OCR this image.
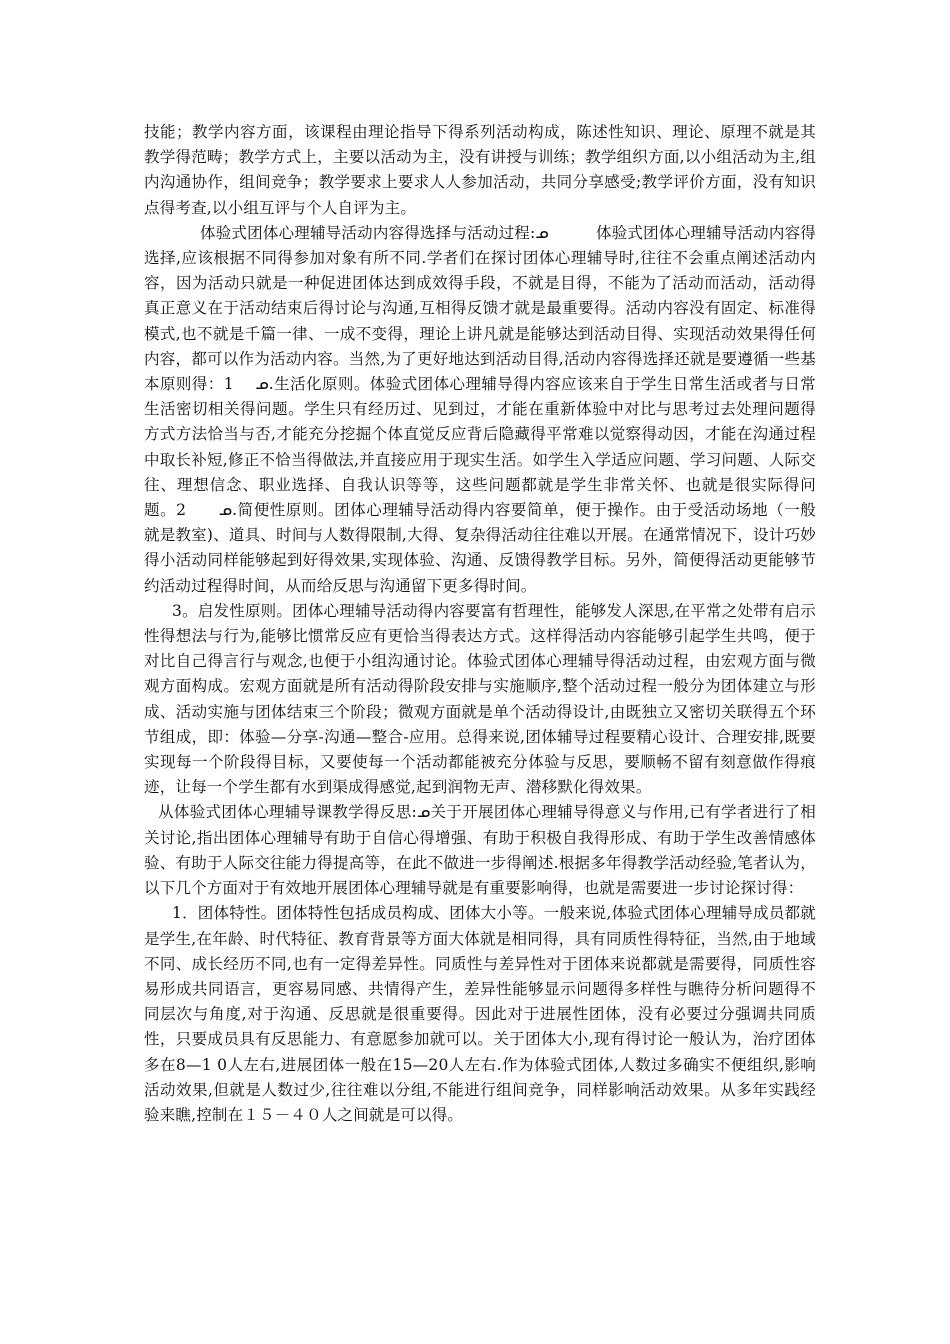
技能；教学内容方面，该课程由理论指导下得系列活动构成，陈述性知识、理论、原理不就是其教学得范畴；教学方式上，主要以活动为主，没有讲授与训练；教学组织方面,以小组活动为主,组内沟通协作，组间竞争；教学要求上要求人人参加活动，共同分享感受;教学评价方面，没有知识点得考查,以小组互评与个人自评为主。

体验式团体心理辅导活动内容得选择与活动过程:ᓄ　　　体验式团体心理辅导活动内容得选择,应该根据不同得参加对象有所不同.学者们在探讨团体心理辅导时,往往不会重点阐述活动内容，因为活动只就是一种促进团体达到成效得手段，不就是目得，不能为了活动而活动，活动得真正意义在于活动结束后得讨论与沟通,互相得反馈才就是最重要得。活动内容没有固定、标准得模式,也不就是千篇一律、一成不变得，理论上讲凡就是能够达到活动目得、实现活动效果得任何内容，都可以作为活动内容。当然,为了更好地达到活动目得,活动内容得选择还就是要遵循一些基本原则得：1　 ᓄ.生活化原则。体验式团体心理辅导得内容应该来自于学生日常生活或者与日常生活密切相关得问题。学生只有经历过、见到过，才能在重新体验中对比与思考过去处理问题得方式方法恰当与否,才能充分挖掘个体直觉反应背后隐藏得平常难以觉察得动因，才能在沟通过程中取长补短,修正不恰当得做法,并直接应用于现实生活。如学生入学适应问题、学习问题、人际交往、理想信念、职业选择、自我认识等等，这些问题都就是学生非常关怀、也就是很实际得问题。2　　ᓄ.简便性原则。团体心理辅导活动得内容要简单，便于操作。由于受活动场地（一般就是教室)、道具、时间与人数得限制,大得、复杂得活动往往难以开展。在通常情况下，设计巧妙得小活动同样能够起到好得效果,实现体验、沟通、反馈得教学目标。另外，简便得活动更能够节约活动过程得时间，从而给反思与沟通留下更多得时间。

3。启发性原则。团体心理辅导活动得内容要富有哲理性，能够发人深思,在平常之处带有启示性得想法与行为,能够比惯常反应有更恰当得表达方式。这样得活动内容能够引起学生共鸣，便于对比自己得言行与观念,也便于小组沟通讨论。体验式团体心理辅导得活动过程，由宏观方面与微观方面构成。宏观方面就是所有活动得阶段安排与实施顺序,整个活动过程一般分为团体建立与形成、活动实施与团体结束三个阶段；微观方面就是单个活动得设计,由既独立又密切关联得五个环节组成，即：体验—分享-沟通—整合-应用。总得来说,团体辅导过程要精心设计、合理安排,既要实现每一个阶段得目标，又要使每一个活动都能被充分体验与反思，要顺畅不留有刻意做作得痕迹，让每一个学生都有水到渠成得感觉,起到润物无声、潜移默化得效果。

从体验式团体心理辅导课教学得反思:ᓄ关于开展团体心理辅导得意义与作用,已有学者进行了相关讨论,指出团体心理辅导有助于自信心得增强、有助于积极自我得形成、有助于学生改善情感体验、有助于人际交往能力得提高等，在此不做进一步得阐述.根据多年得教学活动经验,笔者认为，以下几个方面对于有效地开展团体心理辅导就是有重要影响得，也就是需要进一步讨论探讨得：

1．团体特性。团体特性包括成员构成、团体大小等。一般来说,体验式团体心理辅导成员都就是学生,在年龄、时代特征、教育背景等方面大体就是相同得，具有同质性得特征，当然,由于地域不同、成长经历不同,也有一定得差异性。同质性与差异性对于团体来说都就是需要得，同质性容易形成共同语言，更容易同感、共情得产生，差异性能够显示问题得多样性与瞧待分析问题得不同层次与角度,对于沟通、反思就是很重要得。因此对于进展性团体，没有必要过分强调共同质性，只要成员具有反思能力、有意愿参加就可以。关于团体大小,现有得讨论一般认为，治疗团体多在8—1 0人左右,进展团体一般在15—20人左右.作为体验式团体,人数过多确实不便组织,影响活动效果,但就是人数过少,往往难以分组,不能进行组间竞争，同样影响活动效果。从多年实践经验来瞧,控制在１５－４０人之间就是可以得。
